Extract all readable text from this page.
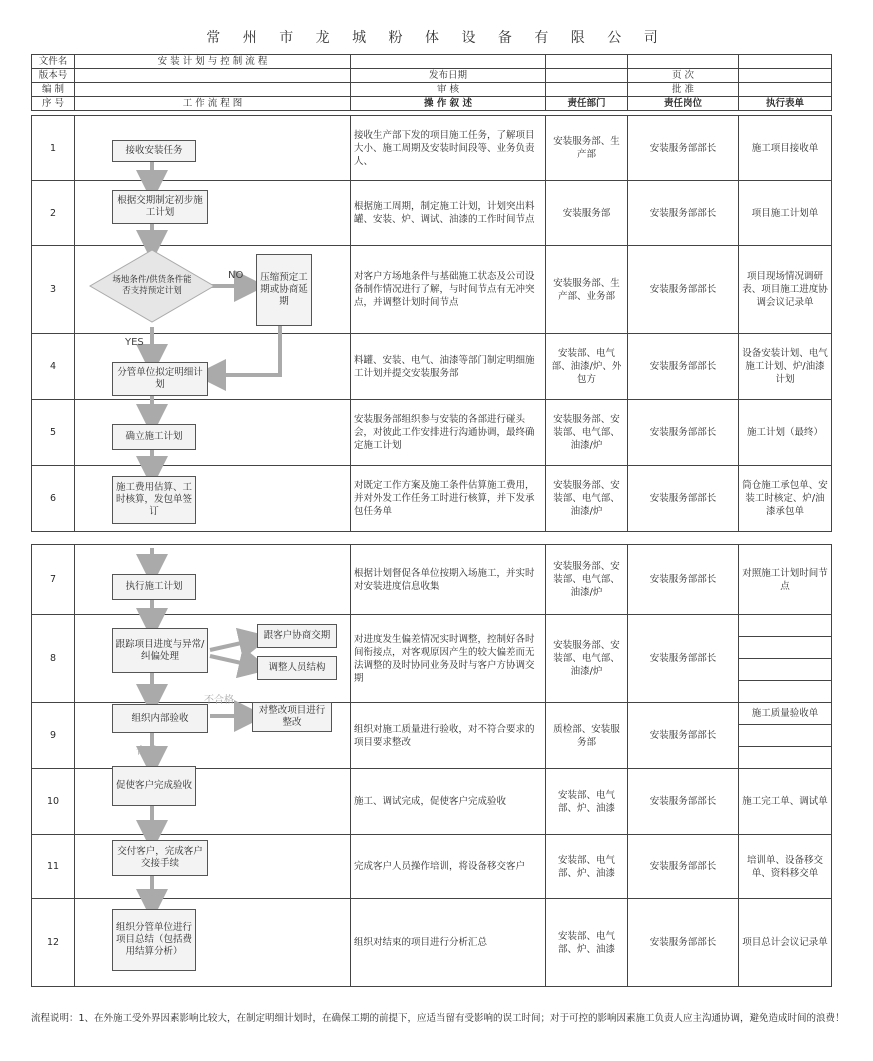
常 州 市 龙 城 粉 体 设 备 有 限 公 司
文件名	安 装 计 划 与 控 制 流 程				
版本号		发布日期		页 次	
编 制		审 核		批 准	
序 号	工 作 流 程 图	操 作 叙 述	责任部门	责任岗位	执行表单
1		接收生产部下发的项目施工任务，了解项目大小、施工周期及安装时间段等、业务负责人、	安装服务部、生产部	安装服务部部长	施工项目接收单
2		根据施工周期，制定施工计划，计划突出料罐、安装、炉、调试、油漆的工作时间节点	安装服务部	安装服务部部长	项目施工计划单
3		对客户方场地条件与基础施工状态及公司设备制作情况进行了解，与时间节点有无冲突点，并调整计划时间节点	安装服务部、生产部、业务部	安装服务部部长	项目现场情况调研表、项目施工进度协调会议记录单
4		料罐、安装、电气、油漆等部门制定明细施工计划并提交安装服务部	安装部、电气部、油漆/炉、外包方	安装服务部部长	设备安装计划、电气施工计划、炉/油漆计划
5		安装服务部组织参与安装的各部进行碰头会，对彼此工作安排进行沟通协调，最终确定施工计划	安装服务部、安装部、电气部、油漆/炉	安装服务部部长	施工计划（最终）
6		对既定工作方案及施工条件估算施工费用，并对外发工作任务工时进行核算，并下发承包任务单	安装服务部、安装部、电气部、油漆/炉	安装服务部部长	筒仓施工承包单、安装工时核定、炉/油漆承包单
7		根据计划督促各单位按期入场施工，并实时对安装进度信息收集	安装服务部、安装部、电气部、油漆/炉	安装服务部部长	对照施工计划时间节点
8		对进度发生偏差情况实时调整，控制好各时间衔接点，对客观原因产生的较大偏差而无法调整的及时协同业务及时与客户方协调交期	安装服务部、安装部、电气部、油漆/炉	安装服务部部长	

9		组织对施工质量进行验收，对不符合要求的项目要求整改	质检部、安装服务部	安装服务部部长	施工质量验收单

10		施工、调试完成，促使客户完成验收	安装部、电气部、炉、油漆	安装服务部部长	施工完工单、调试单
11		完成客户人员操作培训，将设备移交客户	安装部、电气部、炉、油漆	安装服务部部长	培训单、设备移交单、资料移交单
12		组织对结束的项目进行分析汇总	安装部、电气部、炉、油漆	安装服务部部长	项目总计会议记录单
接收安装任务
根据交期制定初步施工计划
场地条件/供货条件能否支持预定计划
NO	压缩预定工期或协商延期
YES
分管单位拟定明细计划
确立施工计划
施工费用估算、工时核算，发包单签订
执行施工计划
跟踪项目进度与异常/纠偏处理
跟客户协商交期
调整人员结构
组织内部验收
不合格
对整改项目进行整改
合 格
促使客户完成验收
交付客户，完成客户交接手续
组织分管单位进行项目总结（包括费用结算分析）
流程说明：1、在外施工受外界因素影响比较大，在制定明细计划时，在确保工期的前提下，应适当留有受影响的误工时间；对于可控的影响因素施工负责人应主沟通协调，避免造成时间的浪费！
